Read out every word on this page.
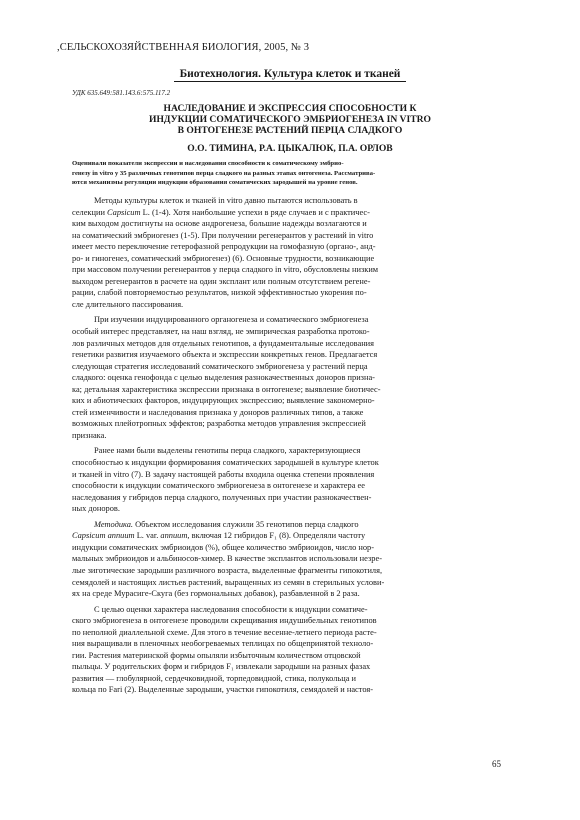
,СЕЛЬСКОХОЗЯЙСТВЕННАЯ БИОЛОГИЯ, 2005, № 3
Биотехнология. Культура клеток и тканей
УДК 635.649:581.143.6:575.117.2
НАСЛЕДОВАНИЕ И ЭКСПРЕССИЯ СПОСОБНОСТИ К
ИНДУКЦИИ СОМАТИЧЕСКОГО ЭМБРИОГЕНЕЗА IN VITRO
В ОНТОГЕНЕЗЕ РАСТЕНИЙ ПЕРЦА СЛАДКОГО
О.О. ТИМИНА, Р.А. ЦЫКАЛЮК, П.А. ОРЛОВ
Оценивали показатели экспрессии и наследования способности к соматическому эмбрио-
генезу in vitro у 35 различных генотипов перца сладкого на разных этапах онтогенеза. Рассматрива-
ются механизмы регуляции индукции образования соматических зародышей на уровне генов.
Методы культуры клеток и тканей in vitro давно пытаются использовать в
селекции Capsicum L. (1-4). Хотя наибольшие успехи в ряде случаев и с практичес-
ким выходом достигнуты на основе андрогенеза, большие надежды возлагаются и
на соматический эмбриогенез (1-5). При получении регенерантов у растений in vitro
имеет место переключение гетерофазной репродукции на гомофазную (органо-, анд-
ро- и гиногенез, соматический эмбриогенез) (6). Основные трудности, возникающие
при массовом получении регенерантов у перца сладкого in vitro, обусловлены низким
выходом регенерантов в расчете на один эксплант или полным отсутствием регене-
рации, слабой повторяемостью результатов, низкой эффективностью укорения по-
сле длительного пассирования.
При изучении индуцированного органогенеза и соматического эмбриогенеза
особый интерес представляет, на наш взгляд, не эмпирическая разработка протоко-
лов различных методов для отдельных генотипов, а фундаментальные исследования
генетики развития изучаемого объекта и экспрессии конкретных генов. Предлагается
следующая стратегия исследований соматического эмбриогенеза у растений перца
сладкого: оценка генофонда с целью выделения разнокачественных доноров призна-
ка; детальная характеристика экспрессии признака в онтогенезе; выявление биотичес-
ких и абиотических факторов, индуцирующих экспрессию; выявление закономерно-
стей изменчивости и наследования признака у доноров различных типов, а также
возможных плейотропных эффектов; разработка методов управления экспрессией
признака.
Ранее нами были выделены генотипы перца сладкого, характеризующиеся
способностью к индукции формирования соматических зародышей в культуре клеток
и тканей in vitro (7). В задачу настоящей работы входила оценка степени проявления
способности к индукции соматического эмбриогенеза в онтогенезе и характера ее
наследования у гибридов перца сладкого, полученных при участии разнокачествен-
ных доноров.
Методика. Объектом исследования служили 35 генотипов перца сладкого
Capsicum annuum L. var. annuum, включая 12 гибридов F₁ (8). Определяли частоту
индукции соматических эмбриоидов (%), общее количество эмбриоидов, число нор-
мальных эмбриоидов и альбиносов-химер. В качестве эксплантов использовали незре-
лые зиготические зародыши различного возраста, выделенные фрагменты гипокотиля,
семядолей и настоящих листьев растений, выращенных из семян в стерильных услови-
ях на среде Мурасиге-Скуга (без гормональных добавок), разбавленной в 2 раза.
С целью оценки характера наследования способности к индукции соматиче-
ского эмбриогенеза в онтогенезе проводили скрещивания индушибельных генотипов
по неполной диаллельной схеме. Для этого в течение весенне-летнего периода расте-
ния выращивали в пленочных необогреваемых теплицах по общепринятой техноло-
гии. Растения материнской формы опыляли избыточным количеством отцовской
пыльцы. У родительских форм и гибридов F₁ извлекали зародыши на разных фазах
развития — глобулярной, сердечковидной, торпедовидной, стика, полукольца и
кольца по Fari (2). Выделенные зародыши, участки гипокотиля, семядолей и настоя-
65
